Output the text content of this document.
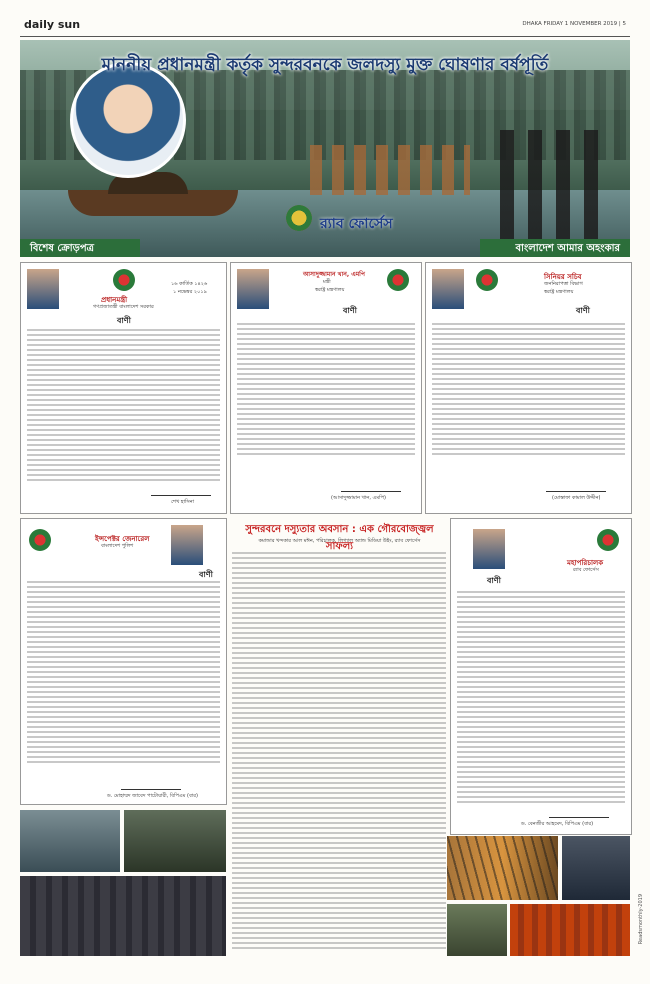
daily sun	DHAKA FRIDAY 1 NOVEMBER 2019 | 5
মাননীয় প্রধানমন্ত্রী কর্তৃক সুন্দরবনকে জলদস্যু মুক্ত ঘোষণার বর্ষপূর্তি
র‍্যাব ফোর্সেস
বিশেষ ক্রোড়পত্র	বাংলাদেশ আমার অহংকার
প্রধানমন্ত্রী
গণপ্রজাতন্ত্রী বাংলাদেশ সরকার
১৬ কার্তিক ১৪২৬
১ নভেম্বর ২০১৯
বাণী
শেখ হাসিনা
আসাদুজ্জামান খান, এমপি
মন্ত্রী
স্বরাষ্ট্র মন্ত্রণালয়
বাণী
(আসাদুজ্জামান খান, এমপি)
সিনিয়র সচিব
জননিরাপত্তা বিভাগ
স্বরাষ্ট্র মন্ত্রণালয়
বাণী
(মোস্তাফা কামাল উদ্দীন)
ইন্সপেক্টর জেনারেল
বাংলাদেশ পুলিশ
বাণী
ড. মোহাম্মদ জাবেদ পাটোয়ারী, বিপিএম (বার)
সুন্দরবনে দস্যুতার অবসান : এক গৌরবোজ্জ্বল সাফল্য
কমান্ডার খন্দকার আল মঈন, পরিচালক, লিগ্যাল অ্যান্ড মিডিয়া উইং, র‍্যাব ফোর্সেস
মহাপরিচালক
র‍্যাব ফোর্সেস
বাণী
ড. বেনজীর আহমেদ, বিপিএম (বার)
Readsmonthly-2019
